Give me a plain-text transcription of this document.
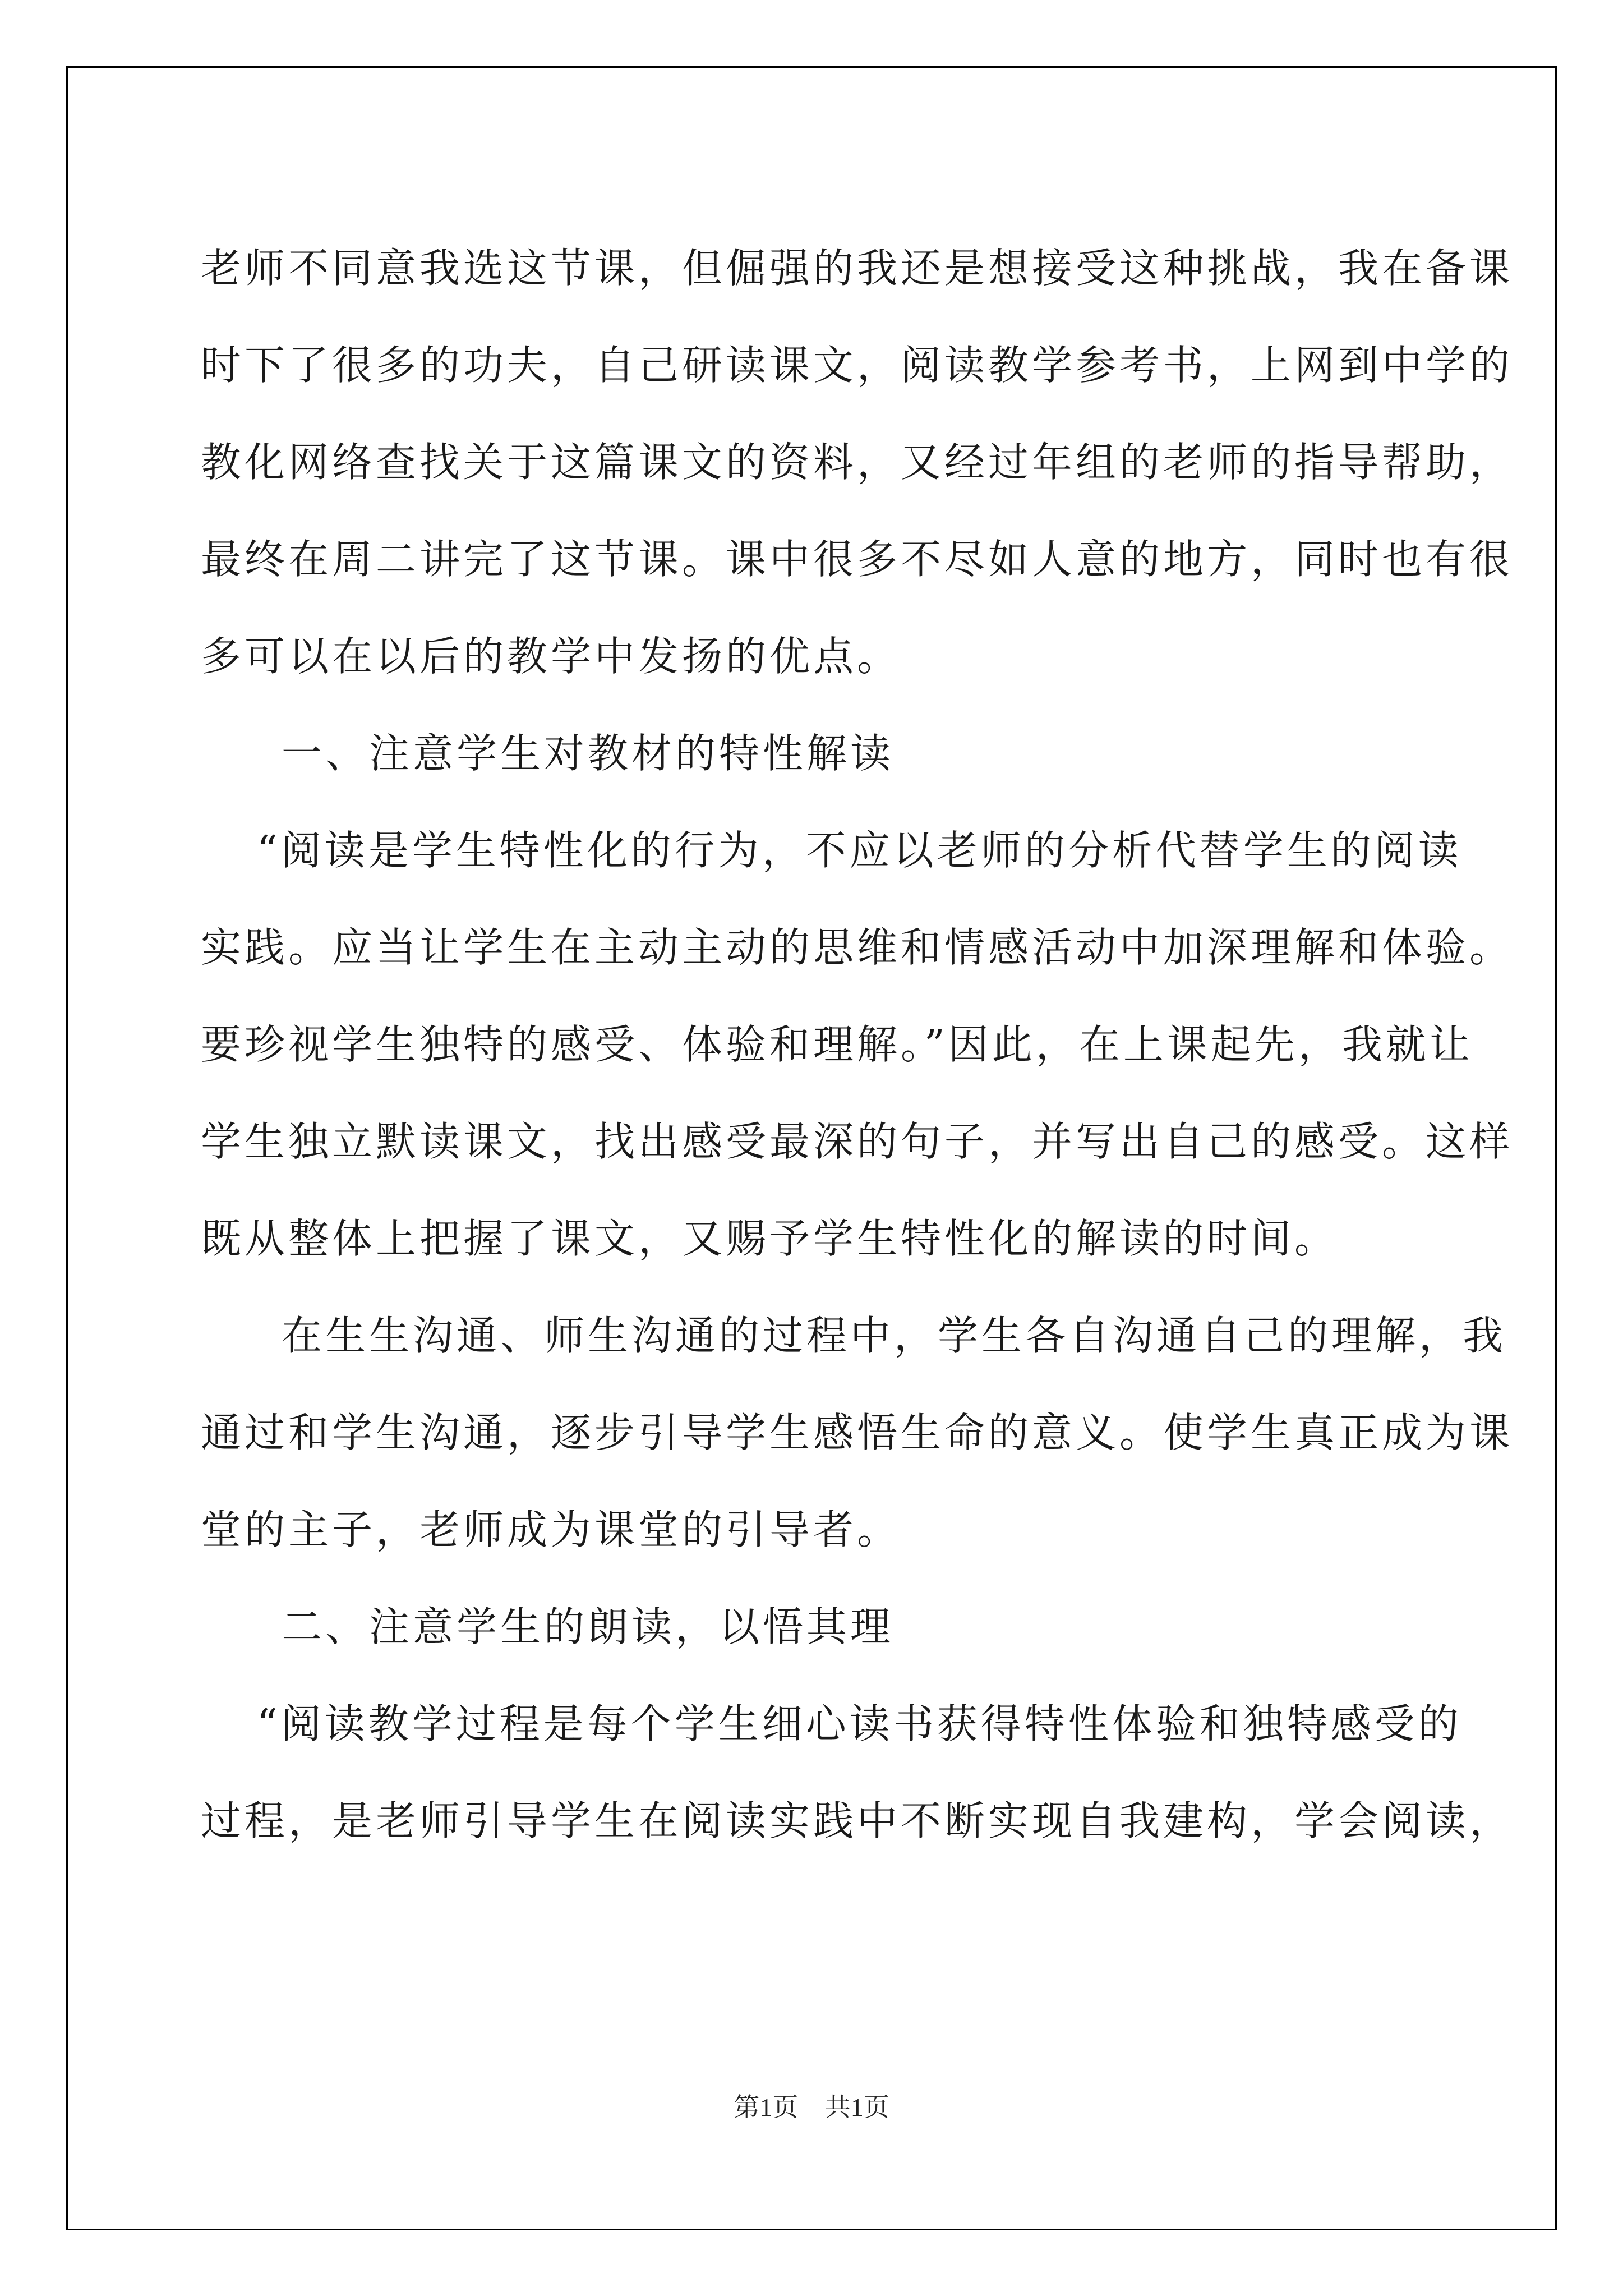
老师不同意我选这节课，但倔强的我还是想接受这种挑战，我在备课

时下了很多的功夫，自己研读课文，阅读教学参考书，上网到中学的

教化网络查找关于这篇课文的资料，又经过年组的老师的指导帮助，

最终在周二讲完了这节课。课中很多不尽如人意的地方，同时也有很

多可以在以后的教学中发扬的优点。

一、注意学生对教材的特性解读

“阅读是学生特性化的行为，不应以老师的分析代替学生的阅读

实践。应当让学生在主动主动的思维和情感活动中加深理解和体验。

要珍视学生独特的感受、体验和理解。”因此，在上课起先，我就让

学生独立默读课文，找出感受最深的句子，并写出自己的感受。这样

既从整体上把握了课文，又赐予学生特性化的解读的时间。

在生生沟通、师生沟通的过程中，学生各自沟通自己的理解，我

通过和学生沟通，逐步引导学生感悟生命的意义。使学生真正成为课

堂的主子，老师成为课堂的引导者。

二、注意学生的朗读，以悟其理

“阅读教学过程是每个学生细心读书获得特性体验和独特感受的

过程，是老师引导学生在阅读实践中不断实现自我建构，学会阅读，

第1页 共1页
